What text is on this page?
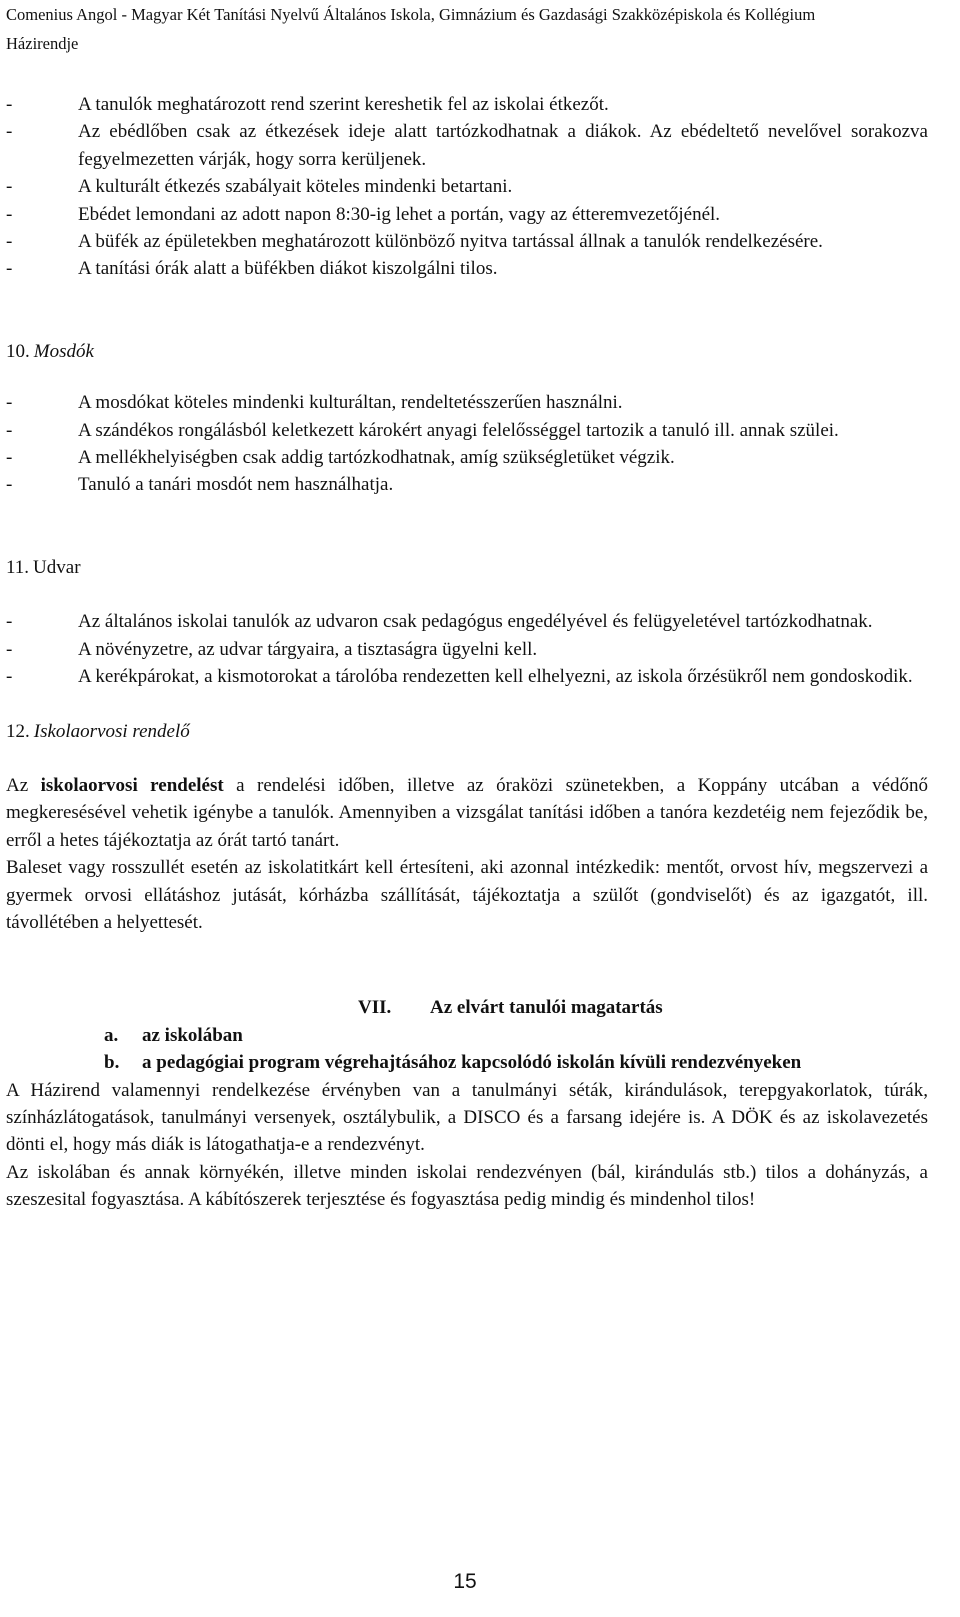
Comenius Angol - Magyar Két Tanítási Nyelvű Általános Iskola, Gimnázium és Gazdasági Szakközépiskola és Kollégium
Házirendje
- A tanulók meghatározott rend szerint kereshetik fel az iskolai étkezőt.
- Az ebédlőben csak az étkezések ideje alatt tartózkodhatnak a diákok. Az ebédeltető nevelővel sorakozva fegyelmezetten várják, hogy sorra kerüljenek.
- A kulturált étkezés szabályait köteles mindenki betartani.
- Ebédet lemondani az adott napon 8:30-ig lehet a portán, vagy az étteremvezetőjénél.
- A büfék az épületekben meghatározott különböző nyitva tartással állnak a tanulók rendelkezésére.
- A tanítási órák alatt a büfékben diákot kiszolgálni tilos.

10. Mosdók

- A mosdókat köteles mindenki kulturáltan, rendeltetésszerűen használni.
- A szándékos rongálásból keletkezett károkért anyagi felelősséggel tartozik a tanuló ill. annak szülei.
- A mellékhelyiségben csak addig tartózkodhatnak, amíg szükségletüket végzik.
- Tanuló a tanári mosdót nem használhatja.

11. Udvar

- Az általános iskolai tanulók az udvaron csak pedagógus engedélyével és felügyeletével tartózkodhatnak.
- A növényzetre, az udvar tárgyaira, a tisztaságra ügyelni kell.
- A kerékpárokat, a kismotorokat a tárolóba rendezetten kell elhelyezni, az iskola őrzésükről nem gondoskodik.

12. Iskolaorvosi rendelő

Az iskolaorvosi rendelést a rendelési időben, illetve az óraközi szünetekben, a Koppány utcában a védőnő megkeresésével vehetik igénybe a tanulók. Amennyiben a vizsgálat tanítási időben a tanóra kezdetéig nem fejeződik be, erről a hetes tájékoztatja az órát tartó tanárt.

Baleset vagy rosszullét esetén az iskolatitkárt kell értesíteni, aki azonnal intézkedik: mentőt, orvost hív, megszervezi a gyermek orvosi ellátáshoz jutását, kórházba szállítását, tájékoztatja a szülőt (gondviselőt) és az igazgatót, ill. távollétében a helyettesét.

VII. Az elvárt tanulói magatartás

a. az iskolában
b. a pedagógiai program végrehajtásához kapcsolódó iskolán kívüli rendezvényeken

A Házirend valamennyi rendelkezése érvényben van a tanulmányi séták, kirándulások, terepgyakorlatok, túrák, színházlátogatások, tanulmányi versenyek, osztálybulik, a DISCO és a farsang idejére is. A DÖK és az iskolavezetés dönti el, hogy más diák is látogathatja-e a rendezvényt.

Az iskolában és annak környékén, illetve minden iskolai rendezvényen (bál, kirándulás stb.) tilos a dohányzás, a szeszesital fogyasztása. A kábítószerek terjesztése és fogyasztása pedig mindig és mindenhol tilos!

15
